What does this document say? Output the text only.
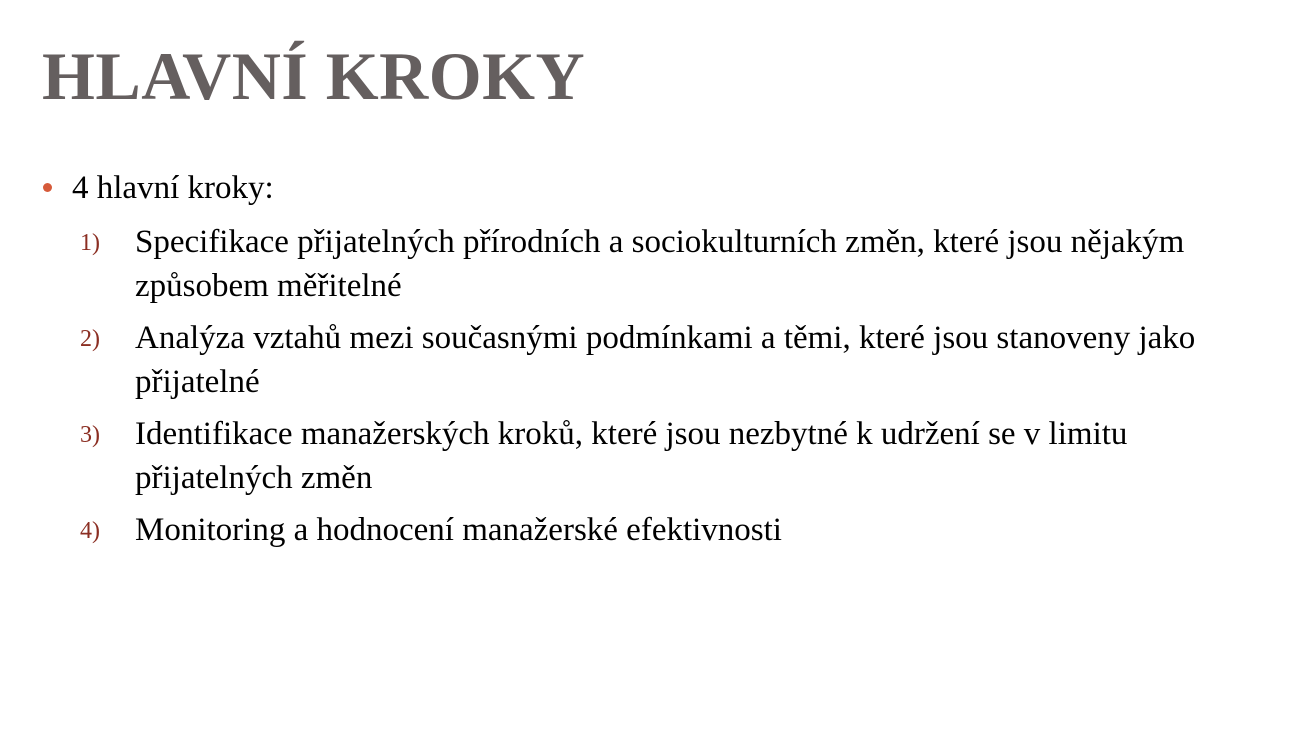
HLAVNÍ KROKY
4 hlavní kroky:
1) Specifikace přijatelných přírodních a sociokulturních změn, které jsou nějakým způsobem měřitelné
2) Analýza vztahů mezi současnými podmínkami a těmi, které jsou stanoveny jako přijatelné
3) Identifikace manažerských kroků, které jsou nezbytné k udržení se v limitu přijatelných změn
4) Monitoring a hodnocení manažerské efektivnosti
